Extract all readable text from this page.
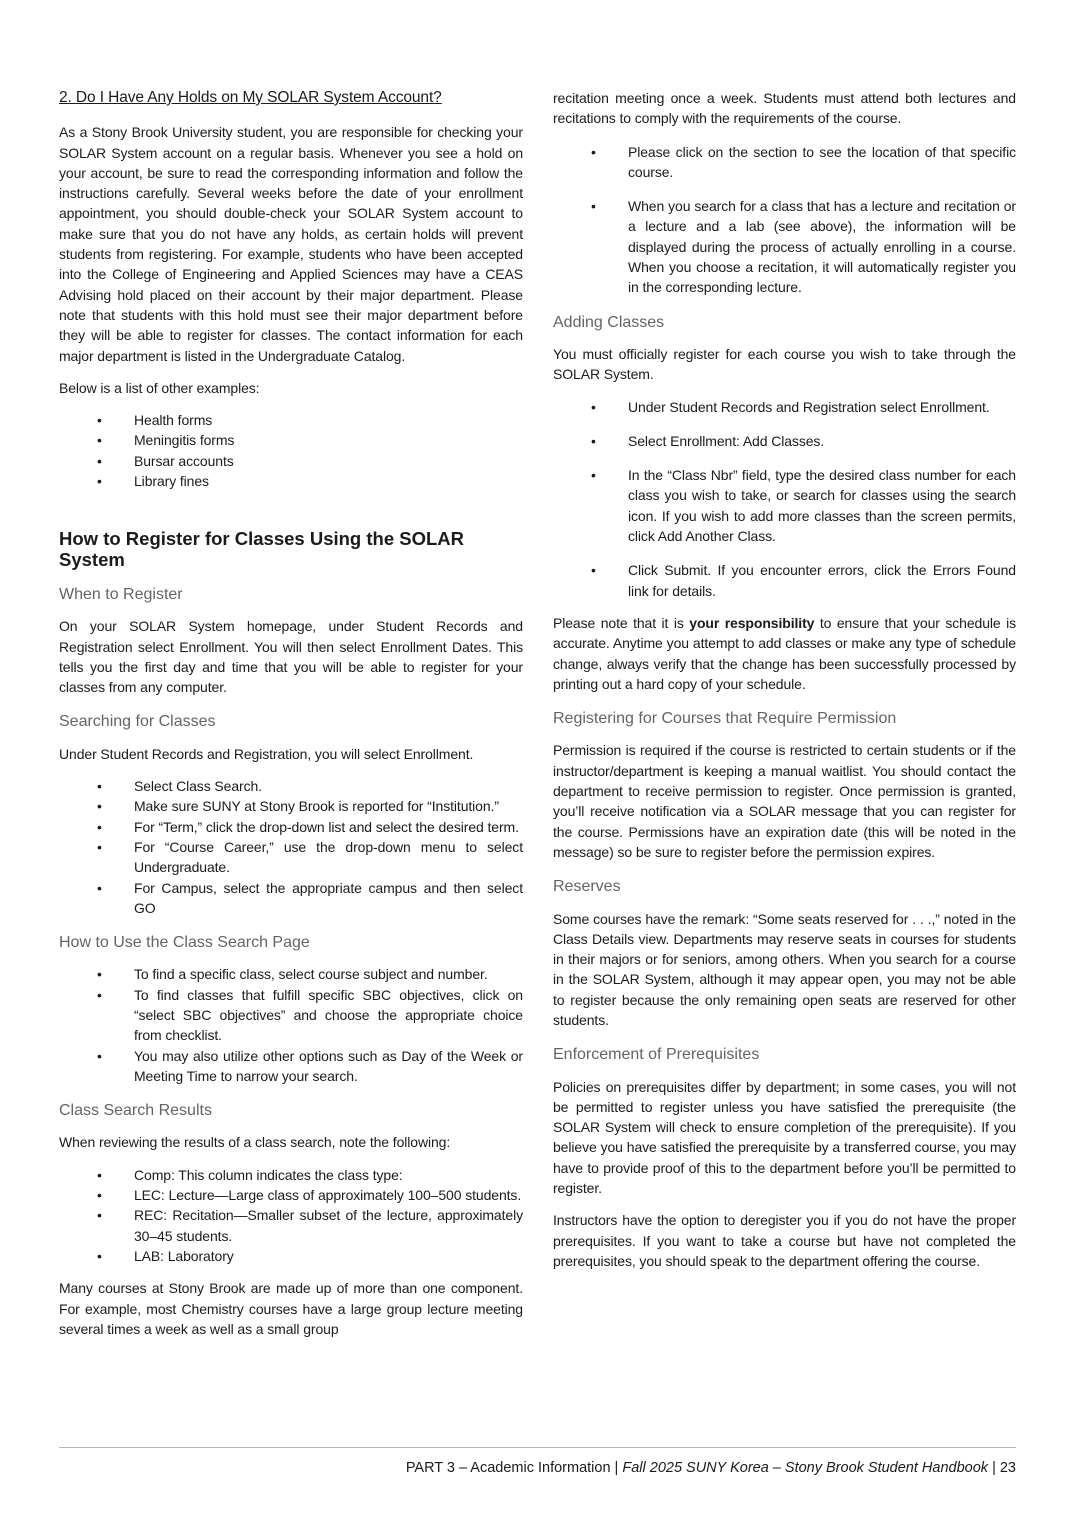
2. Do I Have Any Holds on My SOLAR System Account?

As a Stony Brook University student, you are responsible for checking your SOLAR System account on a regular basis. Whenever you see a hold on your account, be sure to read the corresponding information and follow the instructions carefully. Several weeks before the date of your enrollment appointment, you should double-check your SOLAR System account to make sure that you do not have any holds, as certain holds will prevent students from registering. For example, students who have been accepted into the College of Engineering and Applied Sciences may have a CEAS Advising hold placed on their account by their major department. Please note that students with this hold must see their major department before they will be able to register for classes. The contact information for each major department is listed in the Undergraduate Catalog.

Below is a list of other examples:

• Health forms
• Meningitis forms
• Bursar accounts
• Library fines
How to Register for Classes Using the SOLAR System
When to Register

On your SOLAR System homepage, under Student Records and Registration select Enrollment. You will then select Enrollment Dates. This tells you the first day and time that you will be able to register for your classes from any computer.

Searching for Classes

Under Student Records and Registration, you will select Enrollment.

• Select Class Search.
• Make sure SUNY at Stony Brook is reported for “Institution.”
• For “Term,” click the drop-down list and select the desired term.
• For “Course Career,” use the drop-down menu to select Undergraduate.
• For Campus, select the appropriate campus and then select GO
How to Use the Class Search Page
• To find a specific class, select course subject and number.
• To find classes that fulfill specific SBC objectives, click on “select SBC objectives” and choose the appropriate choice from checklist.
• You may also utilize other options such as Day of the Week or Meeting Time to narrow your search.
Class Search Results

When reviewing the results of a class search, note the following:

• Comp: This column indicates the class type:
• LEC: Lecture—Large class of approximately 100–500 students.
• REC: Recitation—Smaller subset of the lecture, approximately 30–45 students.
• LAB: Laboratory

Many courses at Stony Brook are made up of more than one component. For example, most Chemistry courses have a large group lecture meeting several times a week as well as a small group

recitation meeting once a week. Students must attend both lectures and recitations to comply with the requirements of the course.

• Please click on the section to see the location of that specific course.
• When you search for a class that has a lecture and recitation or a lecture and a lab (see above), the information will be displayed during the process of actually enrolling in a course. When you choose a recitation, it will automatically register you in the corresponding lecture.
Adding Classes

You must officially register for each course you wish to take through the SOLAR System.

• Under Student Records and Registration select Enrollment.
• Select Enrollment: Add Classes.
• In the “Class Nbr” field, type the desired class number for each class you wish to take, or search for classes using the search icon. If you wish to add more classes than the screen permits, click Add Another Class.
• Click Submit. If you encounter errors, click the Errors Found link for details.

Please note that it is your responsibility to ensure that your schedule is accurate. Anytime you attempt to add classes or make any type of schedule change, always verify that the change has been successfully processed by printing out a hard copy of your schedule.

Registering for Courses that Require Permission

Permission is required if the course is restricted to certain students or if the instructor/department is keeping a manual waitlist. You should contact the department to receive permission to register. Once permission is granted, you’ll receive notification via a SOLAR message that you can register for the course. Permissions have an expiration date (this will be noted in the message) so be sure to register before the permission expires.

Reserves

Some courses have the remark: “Some seats reserved for . . .,” noted in the Class Details view. Departments may reserve seats in courses for students in their majors or for seniors, among others. When you search for a course in the SOLAR System, although it may appear open, you may not be able to register because the only remaining open seats are reserved for other students.

Enforcement of Prerequisites

Policies on prerequisites differ by department; in some cases, you will not be permitted to register unless you have satisfied the prerequisite (the SOLAR System will check to ensure completion of the prerequisite). If you believe you have satisfied the prerequisite by a transferred course, you may have to provide proof of this to the department before you’ll be permitted to register.

Instructors have the option to deregister you if you do not have the proper prerequisites. If you want to take a course but have not completed the prerequisites, you should speak to the department offering the course.

PART 3 – Academic Information | Fall 2025 SUNY Korea – Stony Brook Student Handbook | 23
